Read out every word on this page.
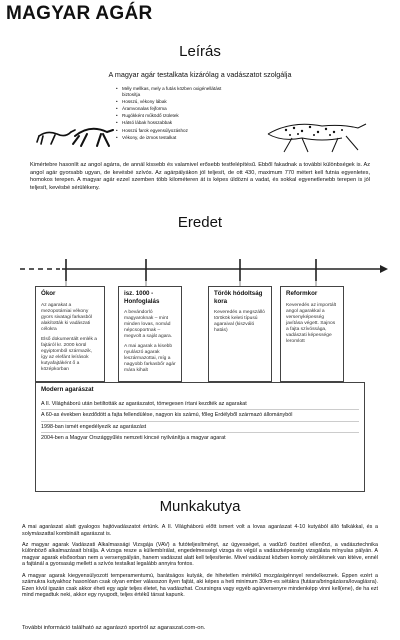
MAGYAR AGÁR
Leírás
A magyar agár testalkata kizárólag a vadászatot szolgálja
• Mély mellkas, mely a futás közben oxigénellátást biztosítja
• Hosszú, vékony lábak
• Áramvonalas fejforma
• Rugókként működő Izületek
• Hátsó lábak hosszabbak
• Hosszú farok egyensúlyozáshoz
• Vékony, de izmos testalkat
Kimértebre hasonlít az angol agárra, de annál kissebb és valamivel erősebb testfelépítésű. Ebből fakadnak a további különbségek is. Az angol agár gyorsabb ugyan, de kevésbé szívós. Az agárpályákon jól teljesít, de ott 430, maximum 770 métert kell futnia egyenletes, homokos terepen. A magyar agár ezzel szemben több kilométeren át is képes üldözni a vadat, és sokkal egyenetlenebb terepen is jól teljesít, kevésbé sérülékeny.
Eredet
Ókor

Az agarakat a mezopotámiai vékony gyors sivatagi farkasból alakították ki vadászati célokra

Első dokumentált emlék a fajtáról kr. 2000 körül egyiptomból származik, így az elefánt leírások kutyafajtáként ő a középkorban

isz. 1000 - Honfoglalás

A bevándorló magyaroknak – mint minden lovas, nomád népcsoportnak – megvolt a saját agara.

A mai agarak a kisebb nyulászó agarak leszármazottai, míg a nagyobb farkasbőr agár mára kihalt

Török hódoltság kora

Keveredés a megszálló törökök keleti típusú agaraival (kiszváló hatás)

Reformkor

Keveredés az importált angol agarakkal a versenyképesség javítása végett. Sajnos a fajta szívóssága, vadászati képessége leromlott

Modern agarászat
A II. Világháború után betiltották az agarászatot, tömegesen írtani kezdték az agarakat
A 60-as években kezdődött a fajta fellendülése, nagyon kis számú, főleg Erdélyből származó állományból
1998-ban ismét engedélyezik az agarászást
2004-ben a Magyar Országgyűlés nemzeti kincsé nyilvánítja a magyar agarat
Munkakutya

A mai agarászat alatt gyalogos hajtóvadászatot értünk. A II. Világháború előtt ismert volt a lovas agarászat 4-10 kutyából álló falkákkal, és a solymászattal kombinált agarászat is.

Az magyar agarak Vadászati Alkalmassági Vizsgája (VAV) a futóteljesítményt, az ügyességet, a vadűző ösztönt ellenőrzi, a vadásztechnika különböző alkalmazásait bírálja. A vizsga resze a küllembírálat, engedelmességi vizsga és végül a vadászképesség vizsgálata mínyulas pályán. A magyar agarak elsősorban nem a versenypályán, hanem vadászat alatt kell teljesítenie. Mivel vadászat közben komoly sérülésnek van kitéve, ennél a fajtánál a gyorsaság mellett a szívós testalkat legalább annyira fontos.

A magyar agarak kiegyensúlyozott temperamentumú, barátságos kutyák, de hihetetlen mértékű mozgásigénnyel rendelkeznek. Éppen ezért a számukra kutyakhoz hasonlóan csak olyan ember válasszon ilyen fajtát, aki képes a heti minimum 30km-es sétákra (futásra/bringázásra/lovaglásra). Ezen kívül igazán csak akkor éheti egy agár teljes életet, ha vadászhat. Coursingra vagy egyéb agárversenyre mindenképp vinni kell(ene), de ha ezt mind megadtuk neki, akkor egy nyugodt, teljes értékű társat kapunk.

További információ található az agarászó sportról az agaraszat.com-on.
